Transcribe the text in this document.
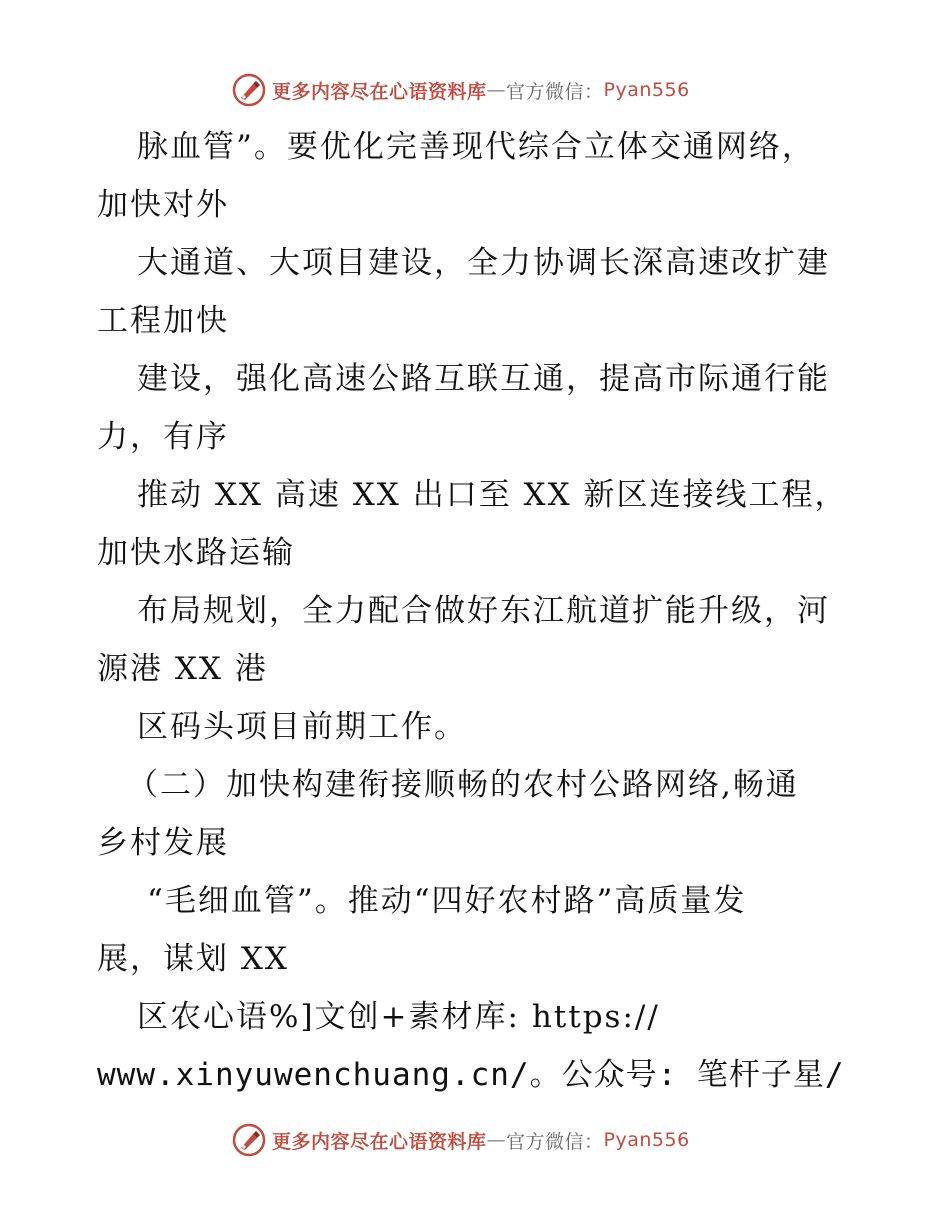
更多内容尽在心语资料库 — 官方微信： Pyan556
脉血管”。要优化完善现代综合立体交通网络，
加快对外
大通道、大项目建设，全力协调长深高速改扩建
工程加快
建设，强化高速公路互联互通，提高市际通行能
力，有序
推动 XX 高速 XX 出口至 XX 新区连接线工程，
加快水路运输
布局规划，全力配合做好东江航道扩能升级，河
源港 XX 港
区码头项目前期工作。
（二）加快构建衔接顺畅的农村公路网络,畅通
乡村发展
“毛细血管”。推动“四好农村路”高质量发
展，谋划 XX
区农心语%]文创+素材库: https://
www.xinyuwenchuang.cn/。公众号: 笔杆子星/
更多内容尽在心语资料库 — 官方微信： Pyan556
